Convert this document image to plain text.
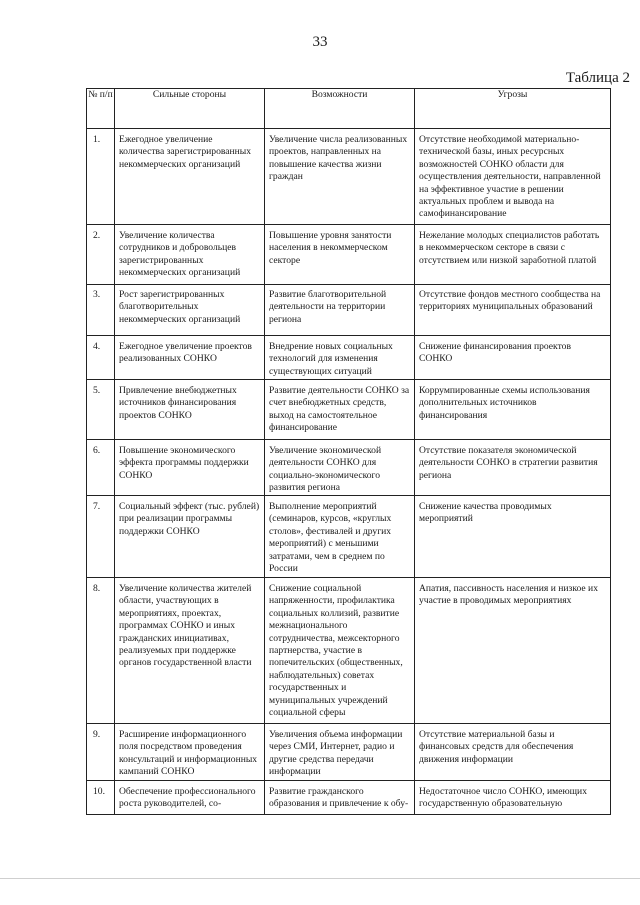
33
Таблица 2
№ п/п	Сильные стороны	Возможности	Угрозы

1.	Ежегодное увеличение количества зарегистрированных некоммерческих организаций	Увеличение числа реализованных проектов, направленных на повышение качества жизни граждан	Отсутствие необходимой материально-технической базы, иных ресурсных возможностей СОНКО области для осуществления деятельности, направленной на эффективное участие в решении актуальных проблем и вывода на самофинансирование

2.	Увеличение количества сотрудников и добровольцев зарегистрированных некоммерческих организаций	Повышение уровня занятости населения в некоммерческом секторе	Нежелание молодых специалистов работать в некоммерческом секторе в связи с отсутствием или низкой заработной платой

3.	Рост зарегистрированных благотворительных некоммерческих организаций	Развитие благотворительной деятельности на территории региона	Отсутствие фондов местного сообщества на территориях муниципальных образований

4.	Ежегодное увеличение проектов реализованных СОНКО	Внедрение новых социальных технологий для изменения существующих ситуаций	Снижение финансирования проектов СОНКО

5.	Привлечение внебюджетных источников финансирования проектов СОНКО	Развитие деятельности СОНКО за счет внебюджетных средств, выход на самостоятельное финансирование	Коррумпированные схемы использования дополнительных источников финансирования

6.	Повышение экономического эффекта программы поддержки СОНКО	Увеличение экономической деятельности СОНКО для социально-экономического развития региона	Отсутствие показателя экономической деятельности СОНКО в стратегии развития региона

7.	Социальный эффект (тыс. рублей) при реализации программы поддержки СОНКО	Выполнение мероприятий (семинаров, курсов, «круглых столов», фестивалей и других мероприятий) с меньшими затратами, чем в среднем по России	Снижение качества проводимых мероприятий

8.	Увеличение количества жителей области, участвующих в мероприятиях, проектах, программах СОНКО и иных гражданских инициативах, реализуемых при поддержке органов государственной власти	Снижение социальной напряженности, профилактика социальных коллизий, развитие межнационального сотрудничества, межсекторного партнерства, участие в попечительских (общественных, наблюдательных) советах государственных и муниципальных учреждений социальной сферы	Апатия, пассивность населения и низкое их участие в проводимых мероприятиях

9.	Расширение информационного поля посредством проведения консультаций и информационных кампаний СОНКО	Увеличения объема информации через СМИ, Интернет, радио и другие средства передачи информации	Отсутствие материальной базы и финансовых средств для обеспечения движения информации

10.	Обеспечение профессионального роста руководителей, со-	Развитие гражданского образования и привлечение к обу-	Недостаточное число СОНКО, имеющих государственную образовательную
